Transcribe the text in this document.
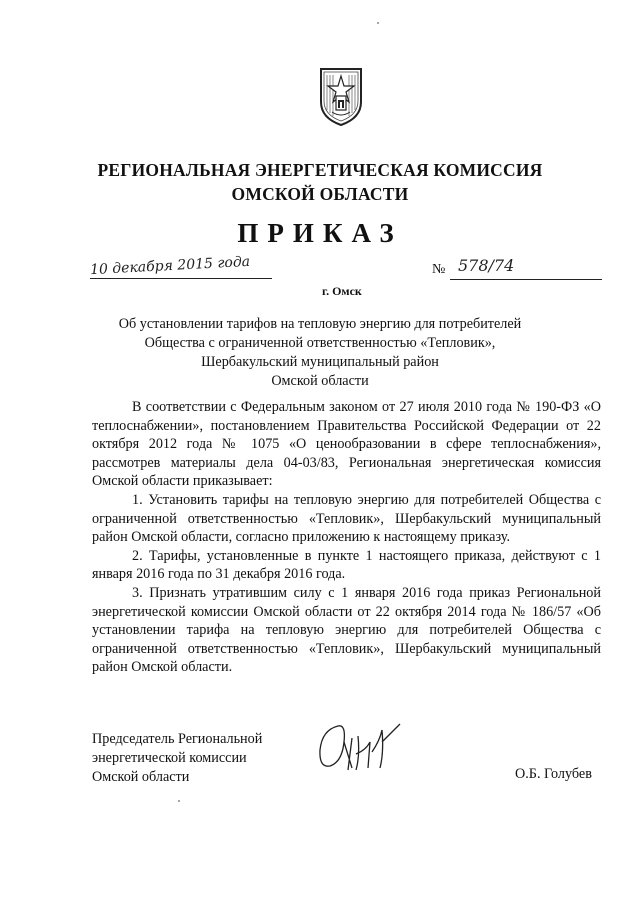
РЕГИОНАЛЬНАЯ ЭНЕРГЕТИЧЕСКАЯ КОМИССИЯ
ОМСКОЙ ОБЛАСТИ
ПРИКАЗ
10 декабря 2015 года	№ 578/74
г. Омск
Об установлении тарифов на тепловую энергию для потребителей
Общества с ограниченной ответственностью «Тепловик»,
Шербакульский муниципальный район
Омской области

В соответствии с Федеральным законом от 27 июля 2010 года № 190-ФЗ «О теплоснабжении», постановлением Правительства Российской Федерации от 22 октября 2012 года № 1075 «О ценообразовании в сфере теплоснабжения», рассмотрев материалы дела 04-03/83, Региональная энергетическая комиссия Омской области приказывает:

1. Установить тарифы на тепловую энергию для потребителей Общества с ограниченной ответственностью «Тепловик», Шербакульский муниципальный район Омской области, согласно приложению к настоящему приказу.

2. Тарифы, установленные в пункте 1 настоящего приказа, действуют с 1 января 2016 года по 31 декабря 2016 года.

3. Признать утратившим силу с 1 января 2016 года приказ Региональной энергетической комиссии Омской области от 22 октября 2014 года № 186/57 «Об установлении тарифа на тепловую энергию для потребителей Общества с ограниченной ответственностью «Тепловик», Шербакульский муниципальный район Омской области.

Председатель Региональной
энергетической комиссии
Омской области	О.Б. Голубев
